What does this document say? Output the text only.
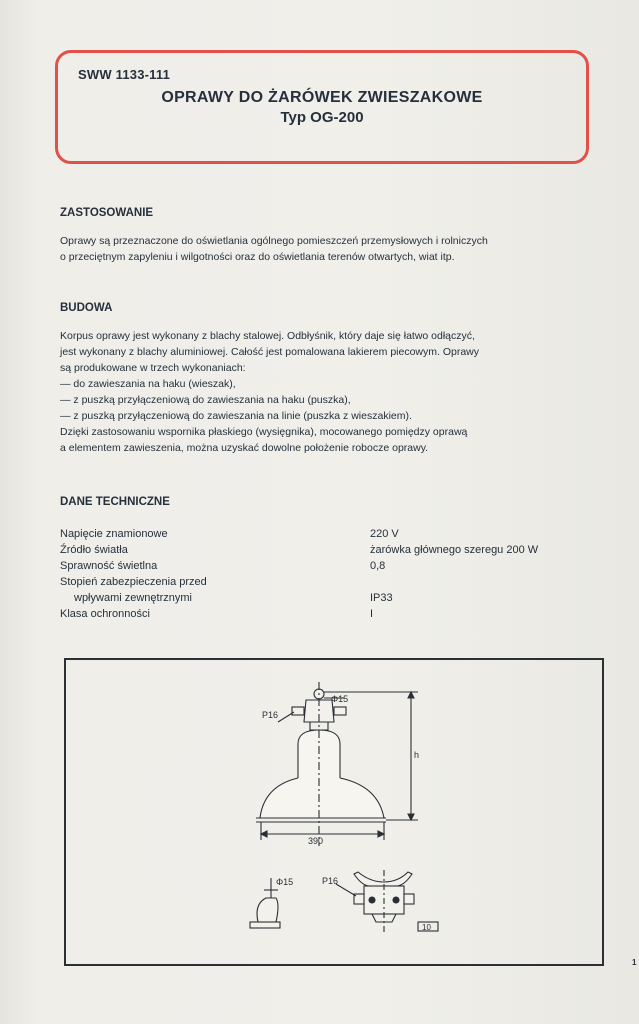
SWW 1133-111
OPRAWY DO ŻARÓWEK ZWIESZAKOWE
Typ OG-200
ZASTOSOWANIE
Oprawy są przeznaczone do oświetlania ogólnego pomieszczeń przemysłowych i rolniczych
o przeciętnym zapyleniu i wilgotności oraz do oświetlania terenów otwartych, wiat itp.
BUDOWA
Korpus oprawy jest wykonany z blachy stalowej. Odbłyśnik, który daje się łatwo odłączyć,
jest wykonany z blachy aluminiowej. Całość jest pomalowana lakierem piecowym. Oprawy
są produkowane w trzech wykonaniach:
— do zawieszania na haku (wieszak),
— z puszką przyłączeniową do zawieszania na haku (puszka),
— z puszką przyłączeniową do zawieszania na linie (puszka z wieszakiem).
Dzięki zastosowaniu wspornika płaskiego (wysięgnika), mocowanego pomiędzy oprawą
a elementem zawieszenia, można uzyskać dowolne położenie robocze oprawy.
DANE TECHNICZNE
Napięcie znamionowe	220 V
Źródło światła	żarówka głównego szeregu 200 W
Sprawność świetlna	0,8
Stopień zabezpieczenia przed
wpływami zewnętrznymi	IP33
Klasa ochronności	I
Φ15
P16
h
390
Φ15	P16
10
1
